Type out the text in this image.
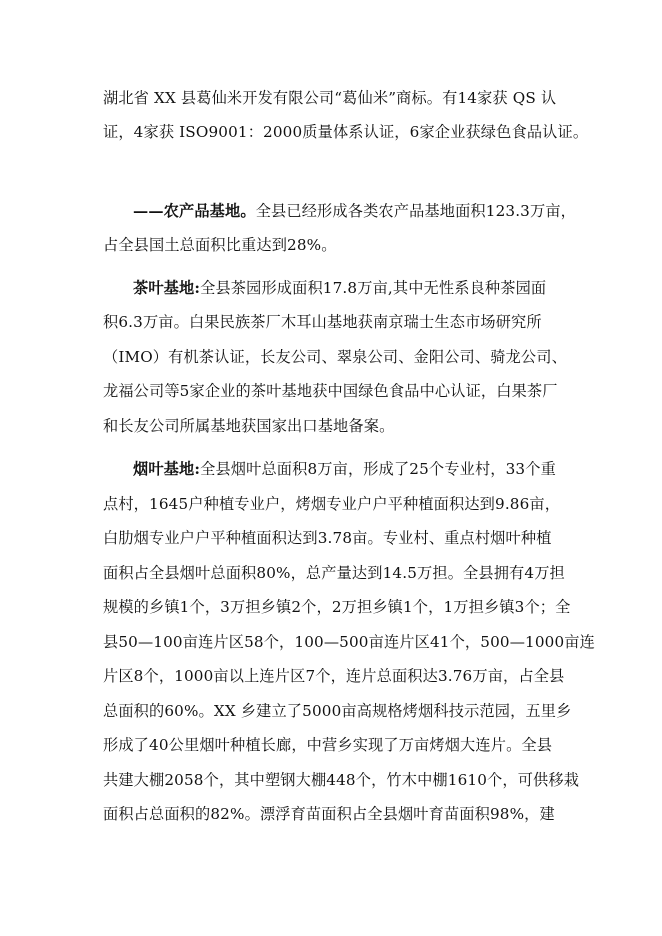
湖北省 XX 县葛仙米开发有限公司“葛仙米”商标。有14家获 QS 认
证，4家获 ISO9001：2000质量体系认证，6家企业获绿色食品认证。
——农产品基地。全县已经形成各类农产品基地面积123.3万亩，
占全县国土总面积比重达到28%。
茶叶基地:全县茶园形成面积17.8万亩,其中无性系良种茶园面
积6.3万亩。白果民族茶厂木耳山基地获南京瑞士生态市场研究所
（IMO）有机茶认证，长友公司、翠泉公司、金阳公司、骑龙公司、
龙福公司等5家企业的茶叶基地获中国绿色食品中心认证，白果茶厂
和长友公司所属基地获国家出口基地备案。
烟叶基地:全县烟叶总面积8万亩，形成了25个专业村，33个重
点村，1645户种植专业户，烤烟专业户户平种植面积达到9.86亩，
白肋烟专业户户平种植面积达到3.78亩。专业村、重点村烟叶种植
面积占全县烟叶总面积80%，总产量达到14.5万担。全县拥有4万担
规模的乡镇1个，3万担乡镇2个，2万担乡镇1个，1万担乡镇3个；全
县50—100亩连片区58个，100—500亩连片区41个，500—1000亩连
片区8个，1000亩以上连片区7个，连片总面积达3.76万亩，占全县
总面积的60%。XX 乡建立了5000亩高规格烤烟科技示范园，五里乡
形成了40公里烟叶种植长廊，中营乡实现了万亩烤烟大连片。全县
共建大棚2058个，其中塑钢大棚448个，竹木中棚1610个，可供移栽
面积占总面积的82%。漂浮育苗面积占全县烟叶育苗面积98%，建
